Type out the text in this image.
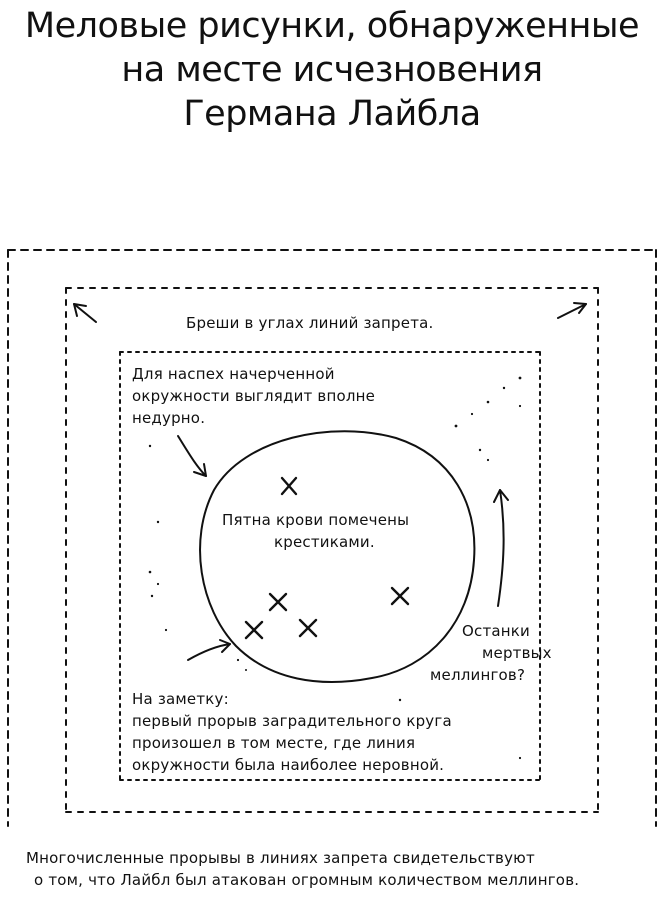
Меловые рисунки, обнаруженные
на месте исчезновения
Германа Лайбла
Бреши в углах линий запрета.
Для наспех начерченной
окружности выглядит вполне
недурно.
Пятна крови помечены
крестиками.
Останки
мертвых
меллингов?
На заметку:
первый прорыв заградительного круга
произошел в том месте, где линия
окружности была наиболее неровной.
Многочисленные прорывы в линиях запрета свидетельствуют
о том, что Лайбл был атакован огромным количеством меллингов.
